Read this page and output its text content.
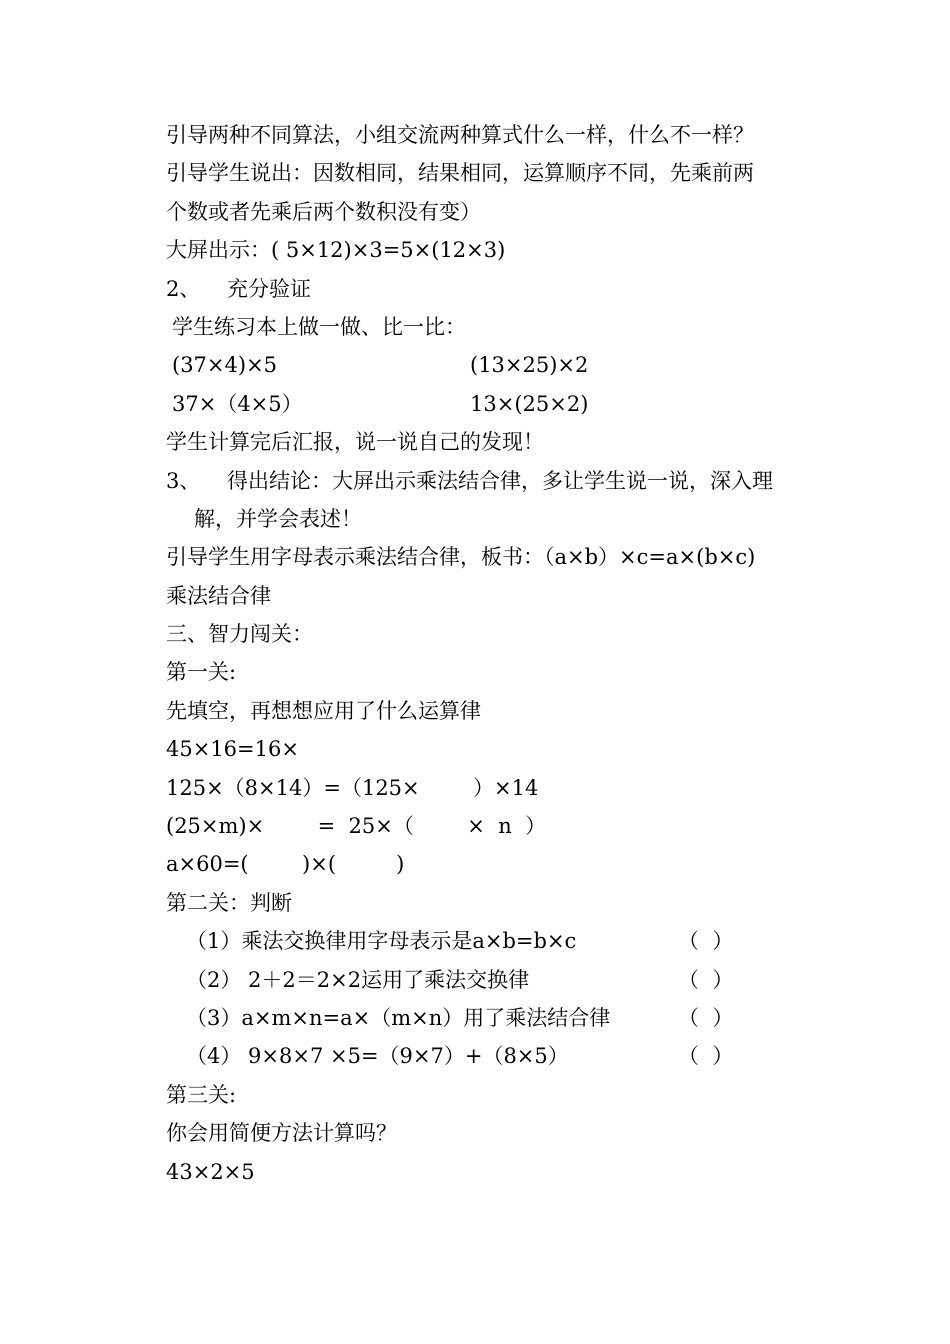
引导两种不同算法，小组交流两种算式什么一样，什么不一样？
引导学生说出：因数相同，结果相同，运算顺序不同，先乘前两
个数或者先乘后两个数积没有变）
大屏出示：( 5×12)×3=5×(12×3)
2、    充分验证
学生练习本上做一做、比一比：
(37×4)×5	(13×25)×2
37×（4×5）	13×(25×2)
学生计算完后汇报，说一说自己的发现！
3、    得出结论：大屏出示乘法结合律，多让学生说一说，深入理
解，并学会表述！
引导学生用字母表示乘法结合律，板书：（a×b）×c=a×(b×c)
乘法结合律
三、智力闯关：
第一关:
先填空，再想想应用了什么运算律
45×16=16×
125×（8×14）=（125×        ）×14
(25×m)×        =  25×（        ×  n  ）
a×60=(        )×(         )
第二关：判断
（1）乘法交换律用字母表示是a×b=b×c	（  ）
（2） 2＋2＝2×2运用了乘法交换律	（  ）
（3）a×m×n=a×（m×n）用了乘法结合律	（  ）
（4） 9×8×7 ×5=（9×7）+（8×5）	（  ）
第三关:
你会用简便方法计算吗？
43×2×5
